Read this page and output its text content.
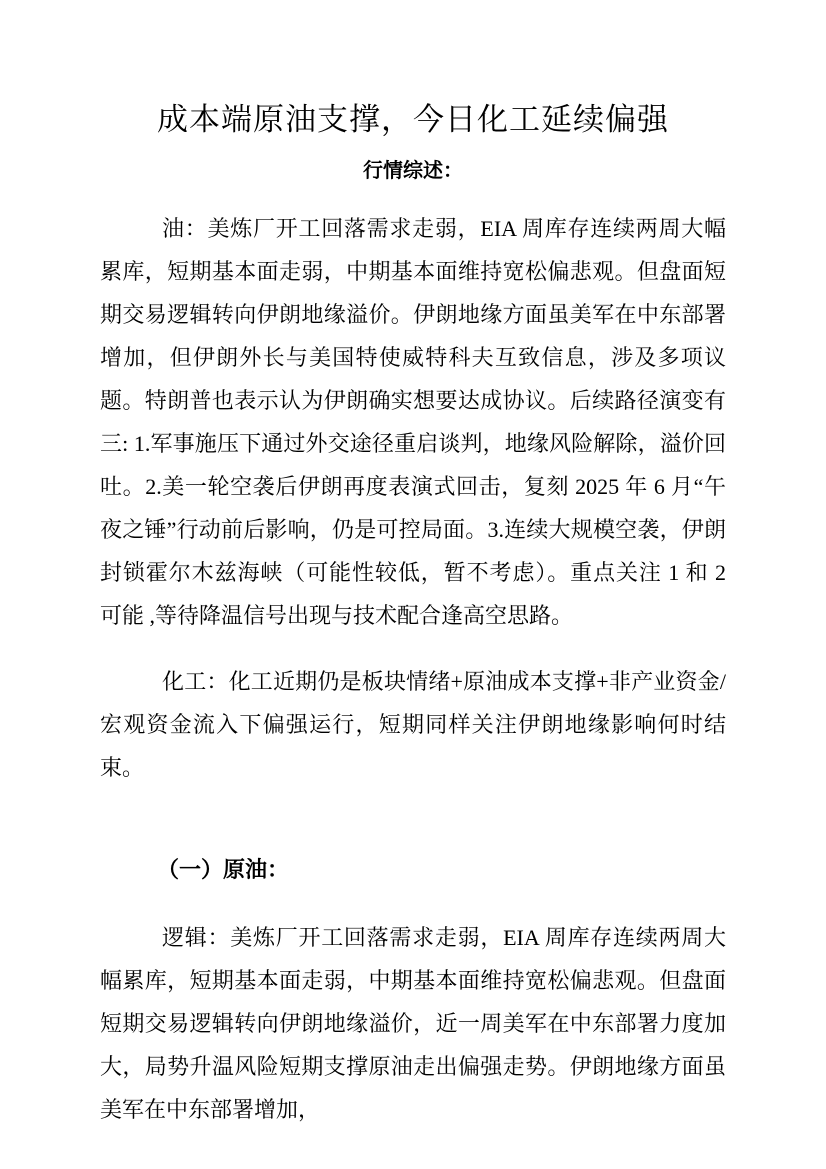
成本端原油支撑，今日化工延续偏强
行情综述：

油：美炼厂开工回落需求走弱，EIA 周库存连续两周大幅累库，短期基本面走弱，中期基本面维持宽松偏悲观。但盘面短期交易逻辑转向伊朗地缘溢价。伊朗地缘方面虽美军在中东部署增加，但伊朗外长与美国特使威特科夫互致信息，涉及多项议题。特朗普也表示认为伊朗确实想要达成协议。后续路径演变有三: 1.军事施压下通过外交途径重启谈判，地缘风险解除，溢价回吐。2.美一轮空袭后伊朗再度表演式回击，复刻 2025 年 6 月“午夜之锤”行动前后影响，仍是可控局面。3.连续大规模空袭，伊朗封锁霍尔木兹海峡（可能性较低，暂不考虑）。重点关注 1 和 2 可能 ,等待降温信号出现与技术配合逢高空思路。

化工：化工近期仍是板块情绪+原油成本支撑+非产业资金/宏观资金流入下偏强运行，短期同样关注伊朗地缘影响何时结束。

（一）原油：

逻辑：美炼厂开工回落需求走弱，EIA 周库存连续两周大幅累库，短期基本面走弱，中期基本面维持宽松偏悲观。但盘面短期交易逻辑转向伊朗地缘溢价，近一周美军在中东部署力度加大，局势升温风险短期支撑原油走出偏强走势。伊朗地缘方面虽美军在中东部署增加，
